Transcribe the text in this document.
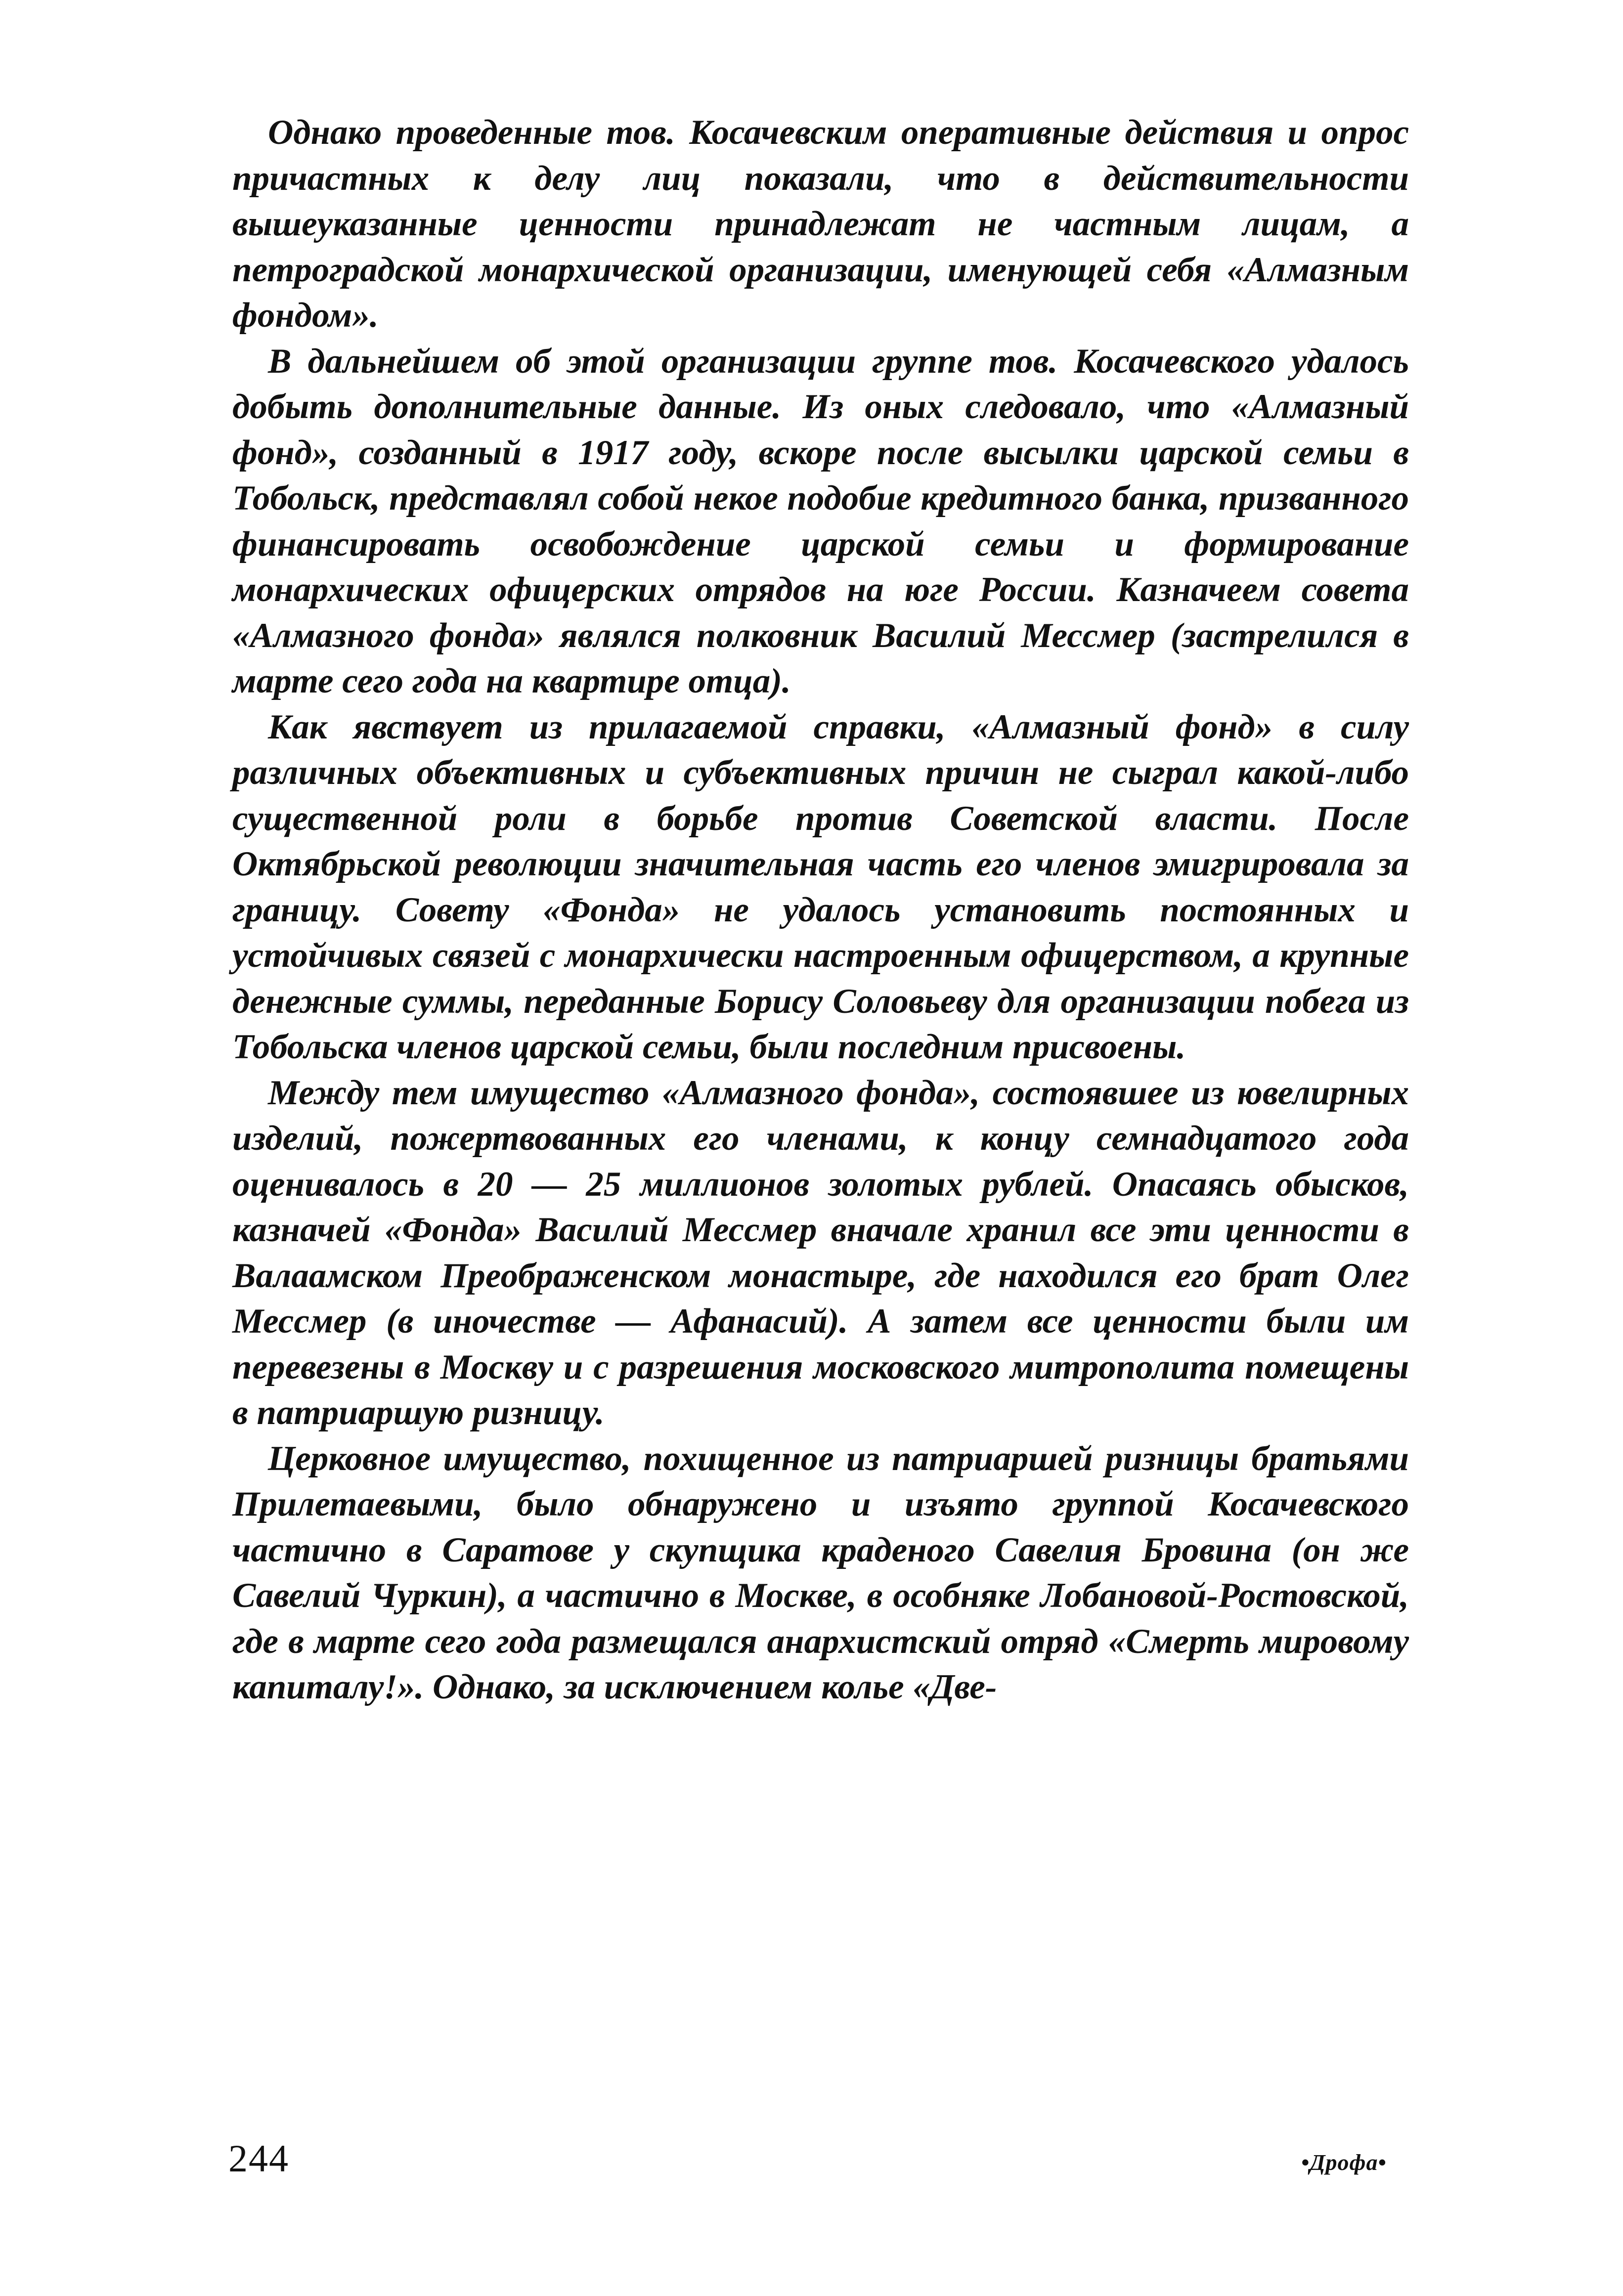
Однако проведенные тов. Косачевским оперативные действия и опрос причастных к делу лиц показали, что в действительности вышеуказанные ценности принадлежат не частным лицам, а петроградской монархической организации, именующей себя «Алмазным фондом».

В дальнейшем об этой организации группе тов. Косачевского удалось добыть дополнительные данные. Из оных следовало, что «Алмазный фонд», созданный в 1917 году, вскоре после высылки царской семьи в Тобольск, представлял собой некое подобие кредитного банка, призванного финансировать освобождение царской семьи и формирование монархических офицерских отрядов на юге России. Казначеем совета «Алмазного фонда» являлся полковник Василий Мессмер (застрелился в марте сего года на квартире отца).

Как явствует из прилагаемой справки, «Алмазный фонд» в силу различных объективных и субъективных причин не сыграл какой-либо существенной роли в борьбе против Советской власти. После Октябрьской революции значительная часть его членов эмигрировала за границу. Совету «Фонда» не удалось установить постоянных и устойчивых связей с монархически настроенным офицерством, а крупные денежные суммы, переданные Борису Соловьеву для организации побега из Тобольска членов царской семьи, были последним присвоены.

Между тем имущество «Алмазного фонда», состоявшее из ювелирных изделий, пожертвованных его членами, к концу семнадцатого года оценивалось в 20 — 25 миллионов золотых рублей. Опасаясь обысков, казначей «Фонда» Василий Мессмер вначале хранил все эти ценности в Валаамском Преображенском монастыре, где находился его брат Олег Мессмер (в иночестве — Афанасий). А затем все ценности были им перевезены в Москву и с разрешения московского митрополита помещены в патриаршую ризницу.

Церковное имущество, похищенное из патриаршей ризницы братьями Прилетаевыми, было обнаружено и изъято группой Косачевского частично в Саратове у скупщика краденого Савелия Бровина (он же Савелий Чуркин), а частично в Москве, в особняке Лобановой-Ростовской, где в марте сего года размещался анархистский отряд «Смерть мировому капиталу!». Однако, за исключением колье «Две-

244	•Дрофа•
